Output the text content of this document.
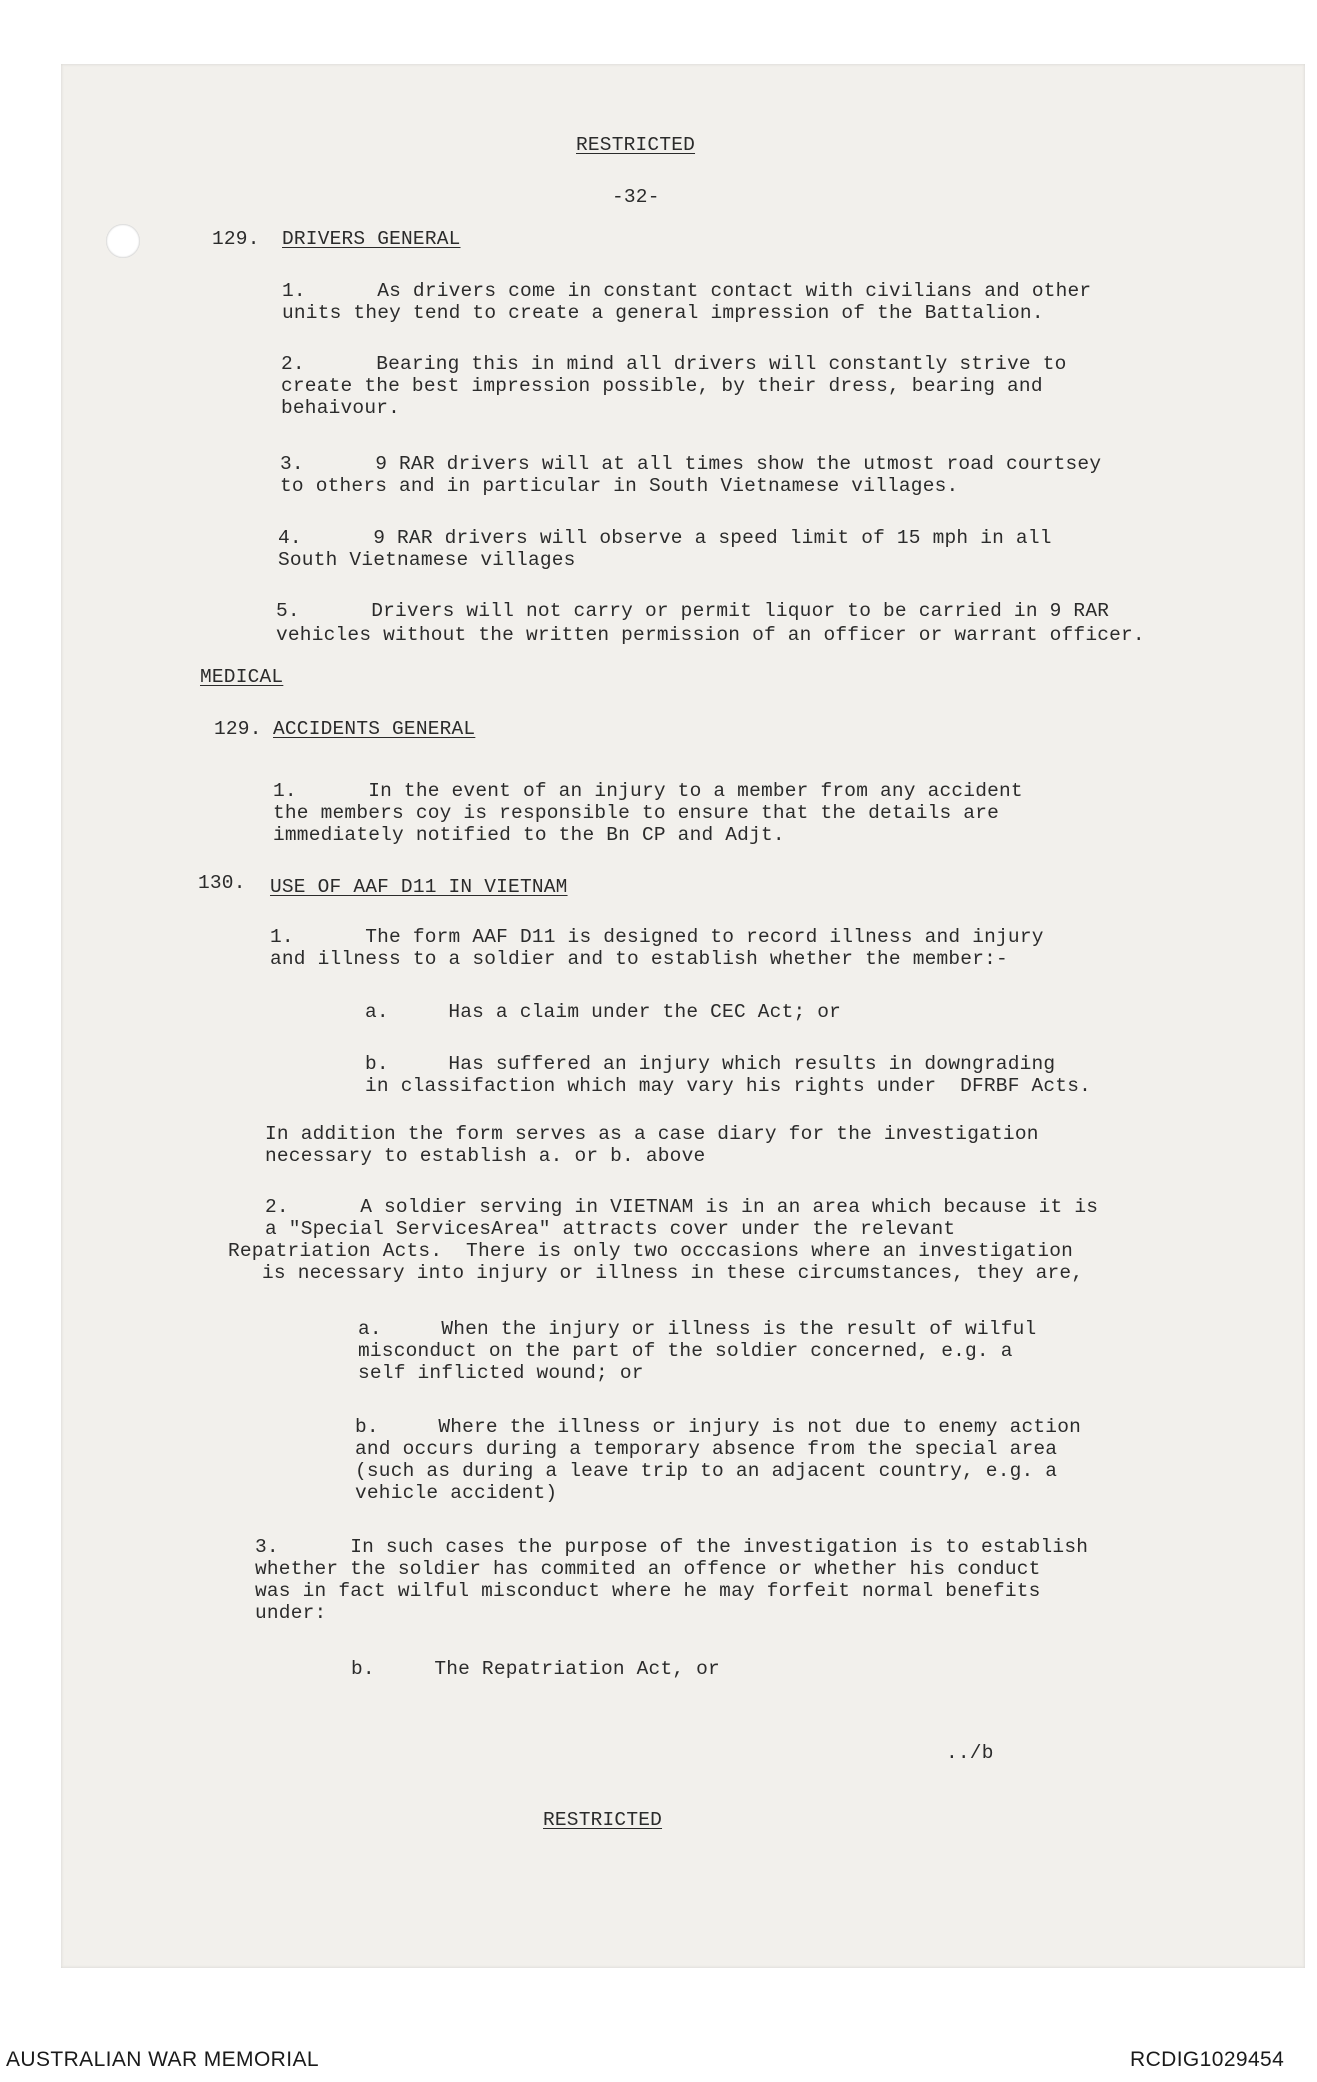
RESTRICTED
-32-
129. DRIVERS GENERAL
1.      As drivers come in constant contact with civilians and other
units they tend to create a general impression of the Battalion.
2.      Bearing this in mind all drivers will constantly strive to
create the best impression possible, by their dress, bearing and
behaivour.
3.      9 RAR drivers will at all times show the utmost road courtsey
to others and in particular in South Vietnamese villages.
4.      9 RAR drivers will observe a speed limit of 15 mph in all
South Vietnamese villages
5.      Drivers will not carry or permit liquor to be carried in 9 RAR
vehicles without the written permission of an officer or warrant officer.
MEDICAL
129. ACCIDENTS GENERAL
1.      In the event of an injury to a member from any accident
the members coy is responsible to ensure that the details are
immediately notified to the Bn CP and Adjt.
130. USE OF AAF D11 IN VIETNAM
1.      The form AAF D11 is designed to record illness and injury
and illness to a soldier and to establish whether the member:-
a.     Has a claim under the CEC Act; or
b.     Has suffered an injury which results in downgrading
in classifaction which may vary his rights under  DFRBF Acts.
In addition the form serves as a case diary for the investigation
necessary to establish a. or b. above
2.      A soldier serving in VIETNAM is in an area which because it is
a "Special ServicesArea" attracts cover under the relevant
Repatriation Acts.  There is only two occcasions where an investigation
is necessary into injury or illness in these circumstances, they are,
a.     When the injury or illness is the result of wilful
misconduct on the part of the soldier concerned, e.g. a
self inflicted wound; or
b.     Where the illness or injury is not due to enemy action
and occurs during a temporary absence from the special area
(such as during a leave trip to an adjacent country, e.g. a
vehicle accident)
3.      In such cases the purpose of the investigation is to establish
whether the soldier has commited an offence or whether his conduct
was in fact wilful misconduct where he may forfeit normal benefits
under:
b.     The Repatriation Act, or
../b
RESTRICTED
AUSTRALIAN WAR MEMORIAL	RCDIG1029454
